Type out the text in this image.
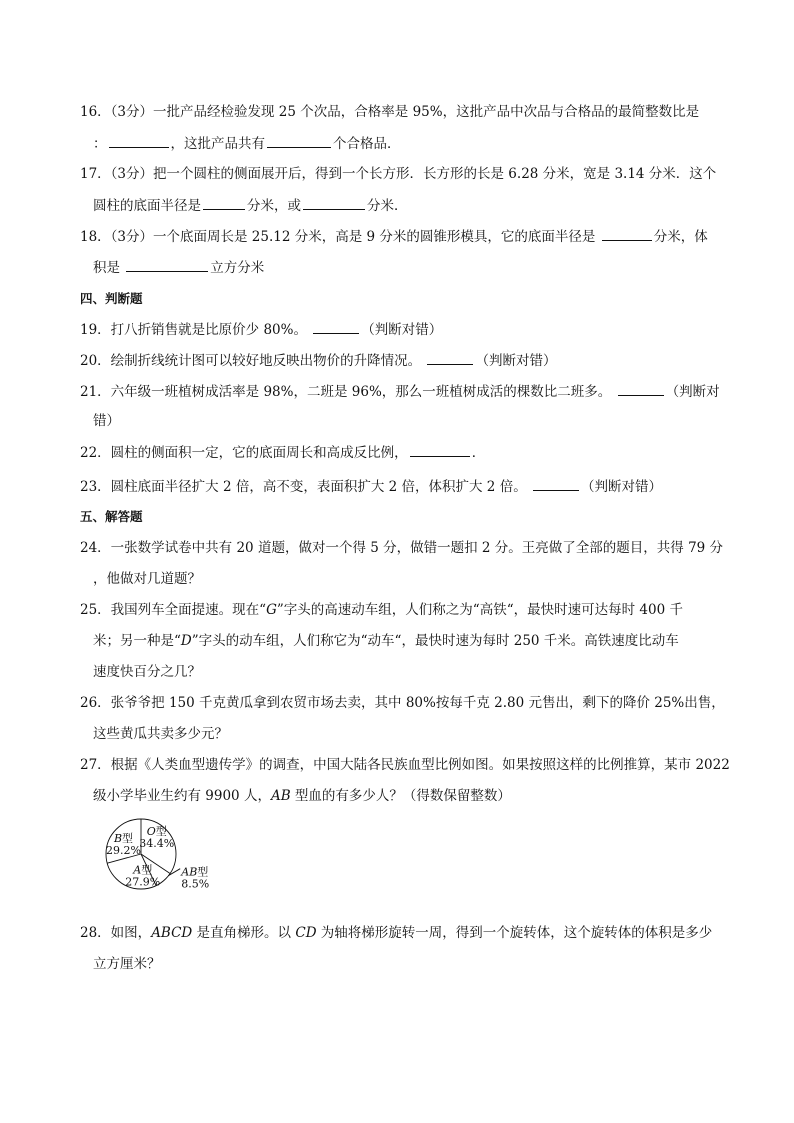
16．（3分）一批产品经检验发现 25 个次品，合格率是 95%，这批产品中次品与合格品的最简整数比是
：	，这批产品共有	个合格品．
17．（3分）把一个圆柱的侧面展开后，得到一个长方形．长方形的长是 6.28 分米，宽是 3.14 分米．这个
圆柱的底面半径是	分米，或	分米．
18．（3分）一个底面周长是 25.12 分米，高是 9 分米的圆锥形模具，它的底面半径是	分米，体
积是	立方分米
四、判断题
19．打八折销售就是比原价少 80%。	（判断对错）
20．绘制折线统计图可以较好地反映出物价的升降情况。	（判断对错）
21．六年级一班植树成活率是 98%，二班是 96%，那么一班植树成活的棵数比二班多。	（判断对
错）
22．圆柱的侧面积一定，它的底面周长和高成反比例，	．
23．圆柱底面半径扩大 2 倍，高不变，表面积扩大 2 倍，体积扩大 2 倍。	（判断对错）
五、解答题
24．一张数学试卷中共有 20 道题，做对一个得 5 分，做错一题扣 2 分。王亮做了全部的题目，共得 79 分
，他做对几道题？
25．我国列车全面提速。现在“G”字头的高速动车组，人们称之为“高铁“，最快时速可达每时 400 千
米；另一种是“D”字头的动车组，人们称它为“动车“，最快时速为每时 250 千米。高铁速度比动车
速度快百分之几？
26．张爷爷把 150 千克黄瓜拿到农贸市场去卖，其中 80%按每千克 2.80 元售出，剩下的降价 25%出售，
这些黄瓜共卖多少元？
27．根据《人类血型遗传学》的调查，中国大陆各民族血型比例如图。如果按照这样的比例推算，某市 2022
级小学毕业生约有 9900 人，AB 型血的有多少人？（得数保留整数）
O型
34.4%
AB型
8.5%
A型
27.9%
B型
29.2%
28．如图，ABCD 是直角梯形。以 CD 为轴将梯形旋转一周，得到一个旋转体，这个旋转体的体积是多少
立方厘米？
